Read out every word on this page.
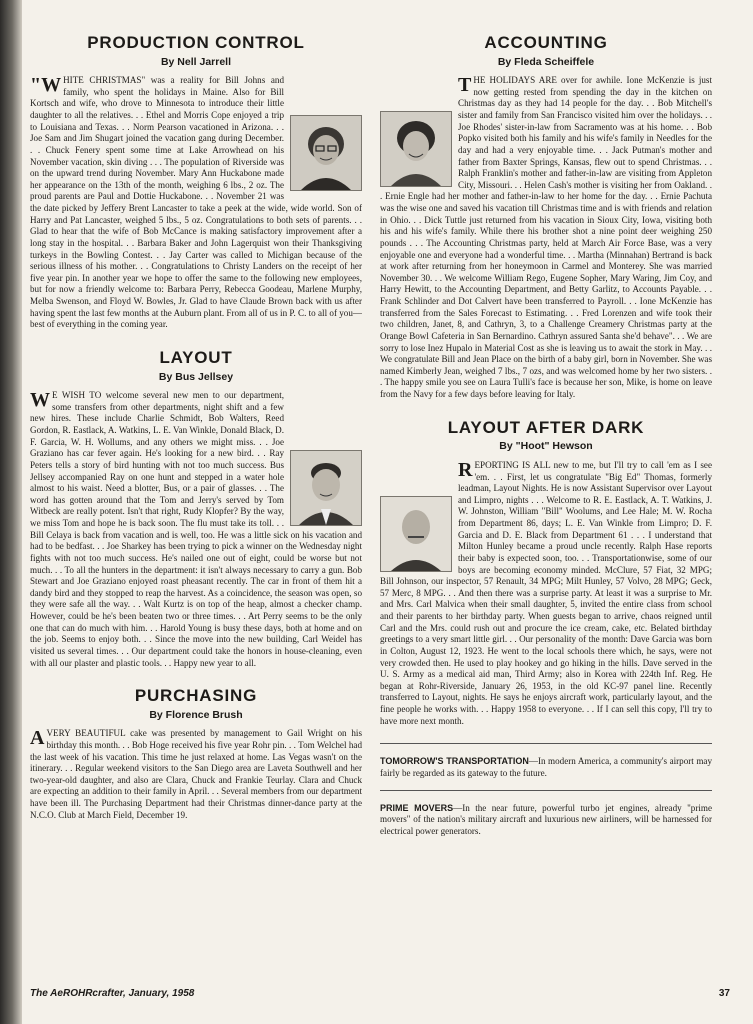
PRODUCTION CONTROL
By Nell Jarrell

"WHITE CHRISTMAS" was a reality for Bill Johns and family, who spent the holidays in Maine. Also for Bill Kortsch and wife, who drove to Minnesota to introduce their little daughter to all the relatives. . . Ethel and Morris Cope enjoyed a trip to Louisiana and Texas. . . Norm Pearson vacationed in Arizona. . . Joe Sam and Jim Shugart joined the vacation gang during December. . . Chuck Fenery spent some time at Lake Arrowhead on his November vacation, skin diving . . . The population of Riverside was on the upward trend during November. Mary Ann Huckabone made her appearance on the 13th of the month, weighing 6 lbs., 2 oz. The proud parents are Paul and Dottie Huckabone. . . November 21 was the date picked by Jeffery Brent Lancaster to take a peek at the wide, wide world. Son of Harry and Pat Lancaster, weighed 5 lbs., 5 oz. Congratulations to both sets of parents. . . Glad to hear that the wife of Bob McCance is making satisfactory improvement after a long stay in the hospital. . . Barbara Baker and John Lagerquist won their Thanksgiving turkeys in the Bowling Contest. . . Jay Carter was called to Michigan because of the serious illness of his mother. . . Congratulations to Christy Landers on the receipt of her five year pin. In another year we hope to offer the same to the following new employees, but for now a friendly welcome to: Barbara Perry, Rebecca Goodeau, Marlene Murphy, Melba Swenson, and Floyd W. Bowles, Jr. Glad to have Claude Brown back with us after having spent the last few months at the Auburn plant. From all of us in P. C. to all of you—best of everything in the coming year.

LAYOUT
By Bus Jellsey

WE WISH TO welcome several new men to our department, some transfers from other departments, night shift and a few new hires. These include Charlie Schmidt, Bob Walters, Reed Gordon, R. Eastlack, A. Watkins, L. E. Van Winkle, Donald Black, D. F. Garcia, W. H. Wollums, and any others we might miss. . . Joe Graziano has car fever again. He's looking for a new bird. . . Ray Peters tells a story of bird hunting with not too much success. Bus Jellsey accompanied Ray on one hunt and stepped in a water hole almost to his waist. Need a blotter, Bus, or a pair of glasses. . . The word has gotten around that the Tom and Jerry's served by Tom Witbeck are really potent. Isn't that right, Rudy Klopfer? By the way, we miss Tom and hope he is back soon. The flu must take its toll. . . Bill Celaya is back from vacation and is well, too. He was a little sick on his vacation and had to be bedfast. . . Joe Sharkey has been trying to pick a winner on the Wednesday night fights with not too much success. He's nailed one out of eight, could be worse but not much. . . To all the hunters in the department: it isn't always necessary to carry a gun. Bob Stewart and Joe Graziano enjoyed roast pheasant recently. The car in front of them hit a dandy bird and they stopped to reap the harvest. As a coincidence, the season was open, so they were safe all the way. . . Walt Kurtz is on top of the heap, almost a checker champ. However, could be he's been beaten two or three times. . . Art Perry seems to be the only one that can do much with him. . . Harold Young is busy these days, both at home and on the job. Seems to enjoy both. . . Since the move into the new building, Carl Weidel has visited us several times. . . Our department could take the honors in house-cleaning, even with all our plaster and plastic tools. . . Happy new year to all.

PURCHASING
By Florence Brush

AVERY BEAUTIFUL cake was presented by management to Gail Wright on his birthday this month. . . Bob Hoge received his five year Rohr pin. . . Tom Welchel had the last week of his vacation. This time he just relaxed at home. Las Vegas wasn't on the itinerary. . . Regular weekend visitors to the San Diego area are Laveta Southwell and her two-year-old daughter, and also are Clara, Chuck and Frankie Teurlay. Clara and Chuck are expecting an addition to their family in April. . . Several members from our department have been ill. The Purchasing Department had their Christmas dinner-dance party at the N.C.O. Club at March Field, December 19.

ACCOUNTING
By Fleda Scheiffele

THE HOLIDAYS ARE over for awhile. Ione McKenzie is just now getting rested from spending the day in the kitchen on Christmas day as they had 14 people for the day. . . Bob Mitchell's sister and family from San Francisco visited him over the holidays. . . Joe Rhodes' sister-in-law from Sacramento was at his home. . . Bob Popko visited both his family and his wife's family in Needles for the day and had a very enjoyable time. . . Jack Putman's mother and father from Baxter Springs, Kansas, flew out to spend Christmas. . . Ralph Franklin's mother and father-in-law are visiting from Appleton City, Missouri. . . Helen Cash's mother is visiting her from Oakland. . . Ernie Engle had her mother and father-in-law to her home for the day. . . Ernie Pachuta was the wise one and saved his vacation till Christmas time and is with friends and relation in Ohio. . . Dick Tuttle just returned from his vacation in Sioux City, Iowa, visiting both his and his wife's family. While there his brother shot a nine point deer weighing 250 pounds . . . The Accounting Christmas party, held at March Air Force Base, was a very enjoyable one and everyone had a wonderful time. . . Martha (Minnahan) Bertrand is back at work after returning from her honeymoon in Carmel and Monterey. She was married November 30. . . We welcome William Rego, Eugene Sopher, Mary Waring, Jim Coy, and Harry Hewitt, to the Accounting Department, and Betty Garlitz, to Accounts Payable. . . Frank Schlinder and Dot Calvert have been transferred to Payroll. . . Ione McKenzie has transferred from the Sales Forecast to Estimating. . . Fred Lorenzen and wife took their two children, Janet, 8, and Cathryn, 3, to a Challenge Creamery Christmas party at the Orange Bowl Cafeteria in San Bernardino. Cathryn assured Santa she'd behave". . . We are sorry to lose Inez Hupalo in Material Cost as she is leaving us to await the stork in May. . . We congratulate Bill and Jean Place on the birth of a baby girl, born in November. She was named Kimberly Jean, weighed 7 lbs., 7 ozs, and was welcomed home by her two sisters. . . The happy smile you see on Laura Tulli's face is because her son, Mike, is home on leave from the Navy for a few days before leaving for Italy.

LAYOUT AFTER DARK
By "Hoot" Hewson

REPORTING IS ALL new to me, but I'll try to call 'em as I see 'em. . . First, let us congratulate "Big Ed" Thomas, formerly leadman, Layout Nights. He is now Assistant Supervisor over Layout and Limpro, nights . . . Welcome to R. E. Eastlack, A. T. Watkins, J. W. Johnston, William "Bill" Woolums, and Lee Hale; M. W. Rocha from Department 86, days; L. E. Van Winkle from Limpro; D. F. Garcia and D. E. Black from Department 61 . . . I understand that Milton Hunley became a proud uncle recently. Ralph Hase reports their baby is expected soon, too. . . Transportationwise, some of our boys are becoming economy minded. McClure, 57 Fiat, 32 MPG; Bill Johnson, our inspector, 57 Renault, 34 MPG; Milt Hunley, 57 Volvo, 28 MPG; Geck, 57 Merc, 8 MPG. . . And then there was a surprise party. At least it was a surprise to Mr. and Mrs. Carl Malvica when their small daughter, 5, invited the entire class from school and their parents to her birthday party. When guests began to arrive, chaos reigned until Carl and the Mrs. could rush out and procure the ice cream, cake, etc. Belated birthday greetings to a very smart little girl. . . Our personality of the month: Dave Garcia was born in Colton, August 12, 1923. He went to the local schools there which, he says, were not very crowded then. He used to play hookey and go hiking in the hills. Dave served in the U. S. Army as a medical aid man, Third Army; also in Korea with 224th Inf. Reg. He began at Rohr-Riverside, January 26, 1953, in the old KC-97 panel line. Recently transferred to Layout, nights. He says he enjoys aircraft work, particularly layout, and the fine people he works with. . . Happy 1958 to everyone. . . If I can sell this copy, I'll try to have more next month.

TOMORROW'S TRANSPORTATION—In modern America, a community's airport may fairly be regarded as its gateway to the future.
PRIME MOVERS—In the near future, powerful turbo jet engines, already "prime movers" of the nation's military aircraft and luxurious new airliners, will be harnessed for electrical power generators.
The AeROHRcrafter, January, 1958	37
